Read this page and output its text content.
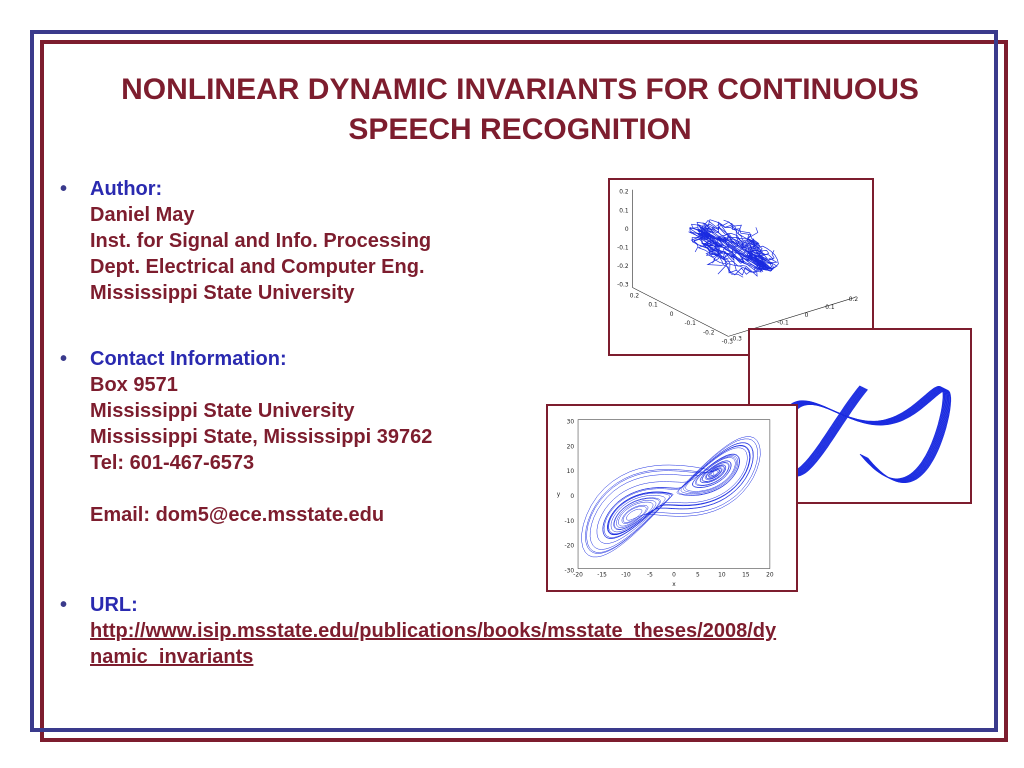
NONLINEAR DYNAMIC INVARIANTS FOR CONTINUOUS
SPEECH RECOGNITION
• Author:
Daniel May
Inst. for Signal and Info. Processing
Dept. Electrical and Computer Eng.
Mississippi State University
• Contact Information:
Box 9571
Mississippi State University
Mississippi State, Mississippi 39762
Tel: 601-467-6573
Email: dom5@ece.msstate.edu
• URL:
http://www.isip.msstate.edu/publications/books/msstate_theses/2008/dy
namic_invariants
0.2
0.1
0
-0.1
-0.2
-0.3
0.2
0.1
0
-0.1
-0.2
-0.3
-0.3
-0.1
0
0.1
0.2
30
20
10
0
-10
-20
-30
-20 -15 -10	-5	0	5	10	15	20
x
y
